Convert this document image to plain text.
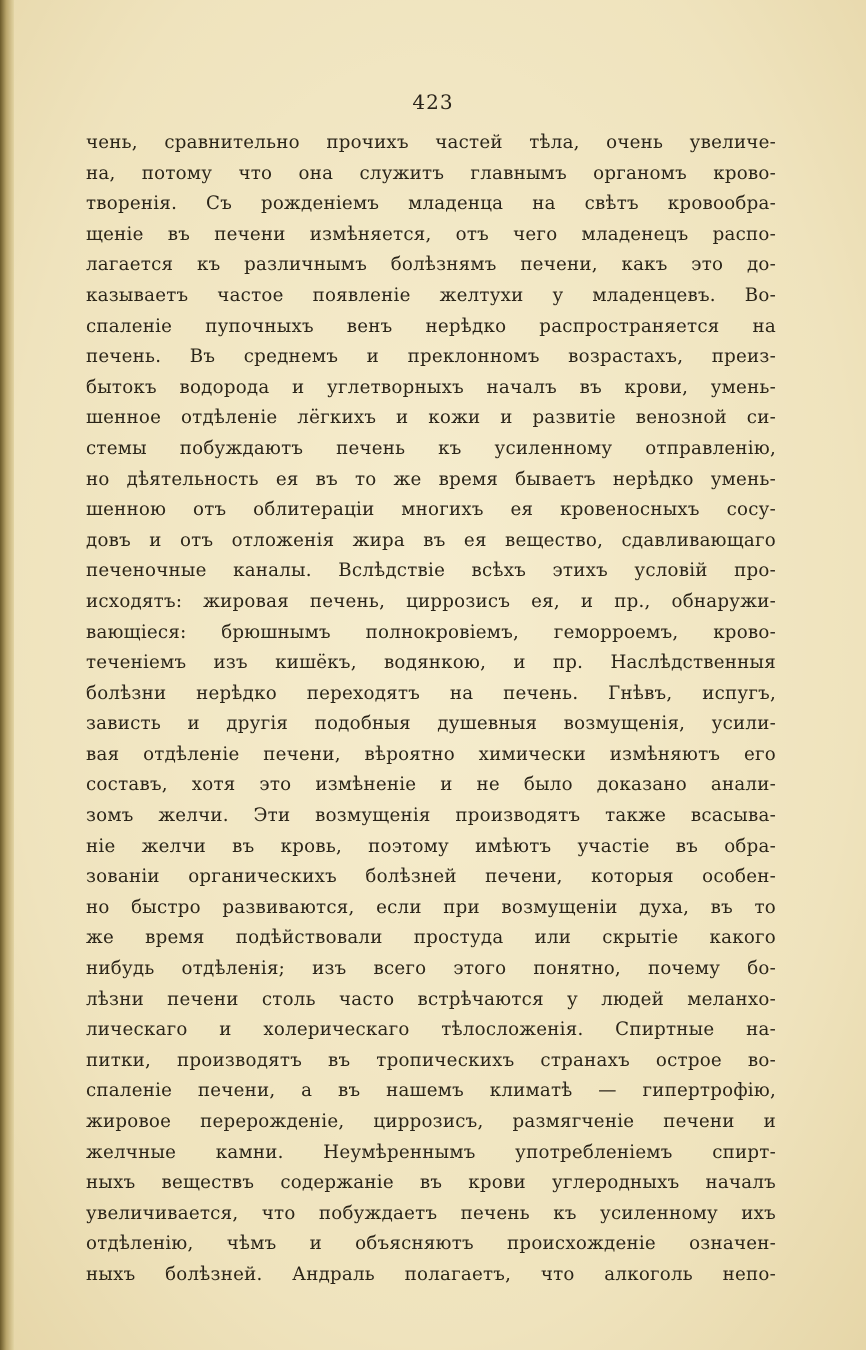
423
чень, сравнительно прочихъ частей тѣла, очень увеличе-
на, потому что она служитъ главнымъ органомъ крово-
творенія. Съ рожденіемъ младенца на свѣтъ кровообра-
щеніе въ печени измѣняется, отъ чего младенецъ распо-
лагается къ различнымъ болѣзнямъ печени, какъ это до-
казываетъ частое появленіе желтухи у младенцевъ. Во-
спаленіе пупочныхъ венъ нерѣдко распространяется на
печень. Въ среднемъ и преклонномъ возрастахъ, преиз-
бытокъ водорода и углетворныхъ началъ въ крови, умень-
шенное отдѣленіе лёгкихъ и кожи и развитіе венозной си-
стемы побуждаютъ печень къ усиленному отправленію,
но дѣятельность ея въ то же время бываетъ нерѣдко умень-
шенною отъ облитераціи многихъ ея кровеносныхъ сосу-
довъ и отъ отложенія жира въ ея вещество, сдавливающаго
печеночные каналы. Вслѣдствіе всѣхъ этихъ условій про-
исходятъ: жировая печень, циррозисъ ея, и пр., обнаружи-
вающіеся: брюшнымъ полнокровіемъ, геморроемъ, крово-
теченіемъ изъ кишёкъ, водянкою, и пр. Наслѣдственныя
болѣзни нерѣдко переходятъ на печень. Гнѣвъ, испугъ,
зависть и другія подобныя душевныя возмущенія, усили-
вая отдѣленіе печени, вѣроятно химически измѣняютъ его
составъ, хотя это измѣненіе и не было доказано анали-
зомъ желчи. Эти возмущенія производятъ также всасыва-
ніе желчи въ кровь, поэтому имѣютъ участіе въ обра-
зованіи органическихъ болѣзней печени, которыя особен-
но быстро развиваются, если при возмущеніи духа, въ то
же время подѣйствовали простуда или скрытіе какого
нибудь отдѣленія; изъ всего этого понятно, почему бо-
лѣзни печени столь часто встрѣчаются у людей меланхо-
лическаго и холерическаго тѣлосложенія. Спиртные на-
питки, производятъ въ тропическихъ странахъ острое во-
спаленіе печени, а въ нашемъ климатѣ — гипертрофію,
жировое перерожденіе, циррозисъ, размягченіе печени и
желчные камни. Неумѣреннымъ употребленіемъ спирт-
ныхъ веществъ содержаніе въ крови углеродныхъ началъ
увеличивается, что побуждаетъ печень къ усиленному ихъ
отдѣленію, чѣмъ и объясняютъ происхожденіе означен-
ныхъ болѣзней. Андраль полагаетъ, что алкоголь непо-
